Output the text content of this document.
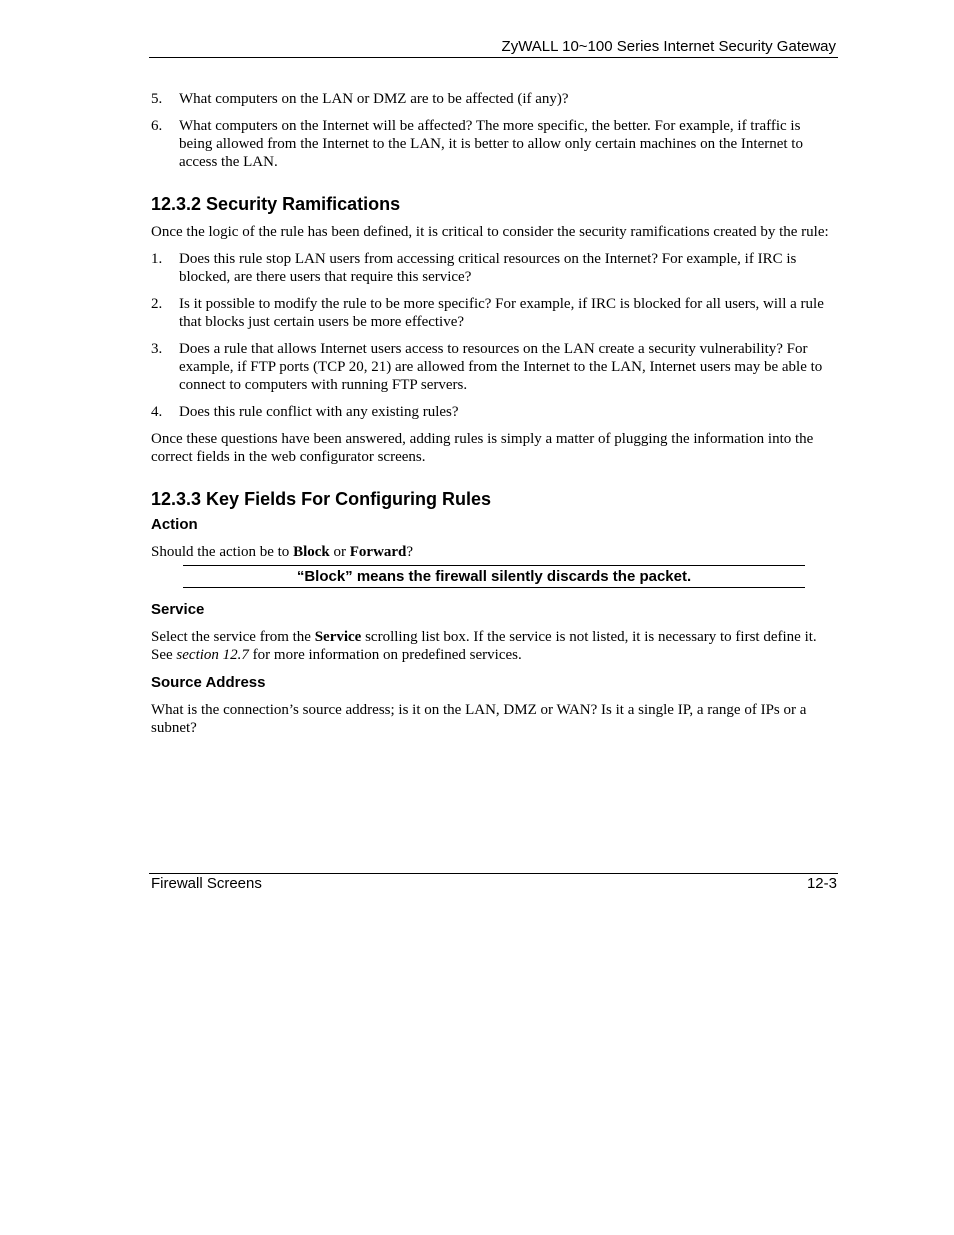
ZyWALL 10~100 Series Internet Security Gateway
5. What computers on the LAN or DMZ are to be affected (if any)?
6. What computers on the Internet will be affected? The more specific, the better. For example, if traffic is being allowed from the Internet to the LAN, it is better to allow only certain machines on the Internet to access the LAN.
12.3.2 Security Ramifications

Once the logic of the rule has been defined, it is critical to consider the security ramifications created by the rule:

1. Does this rule stop LAN users from accessing critical resources on the Internet? For example, if IRC is blocked, are there users that require this service?
2. Is it possible to modify the rule to be more specific? For example, if IRC is blocked for all users, will a rule that blocks just certain users be more effective?
3. Does a rule that allows Internet users access to resources on the LAN create a security vulnerability? For example, if FTP ports (TCP 20, 21) are allowed from the Internet to the LAN, Internet users may be able to connect to computers with running FTP servers.
4. Does this rule conflict with any existing rules?

Once these questions have been answered, adding rules is simply a matter of plugging the information into the correct fields in the web configurator screens.

12.3.3 Key Fields For Configuring Rules
Action

Should the action be to Block or Forward?

“Block” means the firewall silently discards the packet.
Service

Select the service from the Service scrolling list box. If the service is not listed, it is necessary to first define it. See section 12.7 for more information on predefined services.

Source Address

What is the connection’s source address; is it on the LAN, DMZ or WAN? Is it a single IP, a range of IPs or a subnet?

Firewall Screens	12-3
